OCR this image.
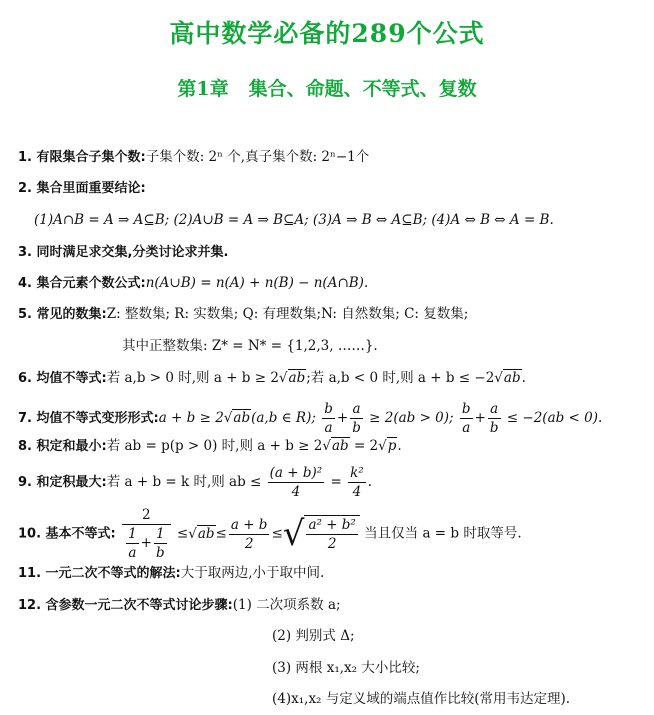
高中数学必备的289个公式
第1章 集合、命题、不等式、复数
1. 有限集合子集个数:子集个数: 2ⁿ 个,真子集个数: 2ⁿ−1个
2. 集合里面重要结论:
(1)A∩B = A ⇒ A⊆B; (2)A∪B = A ⇒ B⊆A; (3)A ⇒ B ⇔ A⊆B; (4)A ⇔ B ⇔ A = B.
3. 同时满足求交集,分类讨论求并集.
4. 集合元素个数公式:n(A∪B) = n(A) + n(B) − n(A∩B).
5. 常见的数集:Z: 整数集; R: 实数集; Q: 有理数集;N: 自然数集; C: 复数集;
其中正整数集: Z* = N* = {1,2,3, ……}.
6. 均值不等式:若 a,b > 0 时,则 a + b ≥ 2√ab;若 a,b < 0 时,则 a + b ≤ −2√ab.
7. 均值不等式变形形式:a + b ≥ 2√ab(a,b ∈ R); $\frac{b}{a} + \frac{a}{b} \ge 2(ab > 0)$; $\frac{b}{a} + \frac{a}{b} \le -2(ab < 0)$.
8. 积定和最小:若 ab = p(p > 0) 时,则 a + b ≥ 2√ab = 2√p.
9. 和定积最大:若 a + b = k 时,则 ab ≤ $\frac{\text{(a + b)²}}{4} = \frac{\text{k²}}{4}$ .
10. 基本不等式: $\frac{2}{\frac{1}{a} + \frac{1}{b}} \le√ab\le \frac{a + b}{2}$ ≤√ $\frac{\text{a² + b²}}{2}$ 当且仅当 a = b 时取等号.
11. 一元二次不等式的解法:大于取两边,小于取中间.
12. 含参数一元二次不等式讨论步骤:(1) 二次项系数 a;
(2) 判别式 Δ;
(3) 两根 x₁,x₂ 大小比较;
(4)x₁,x₂ 与定义域的端点值作比较(常用韦达定理).
